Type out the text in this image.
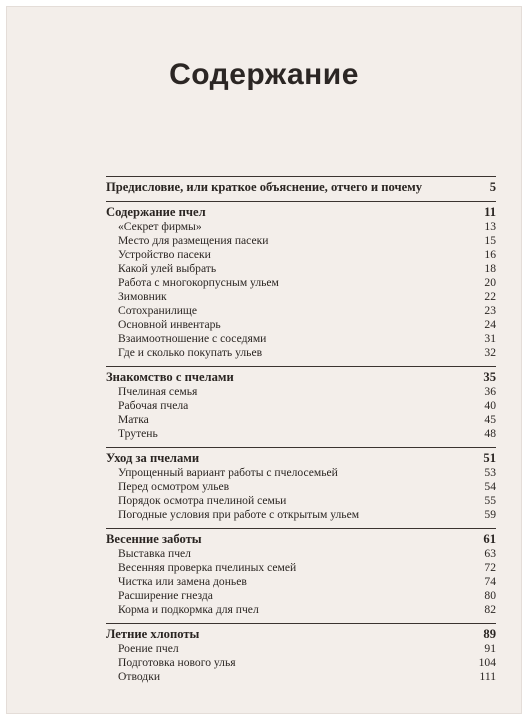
Содержание
Предисловие, или краткое объяснение, отчего и почему	5
Содержание пчел	11
«Секрет фирмы»	13
Место для размещения пасеки	15
Устройство пасеки	16
Какой улей выбрать	18
Работа с многокорпусным ульем	20
Зимовник	22
Сотохранилище	23
Основной инвентарь	24
Взаимоотношение с соседями	31
Где и сколько покупать ульев	32
Знакомство с пчелами	35
Пчелиная семья	36
Рабочая пчела	40
Матка	45
Трутень	48
Уход за пчелами	51
Упрощенный вариант работы с пчелосемьей	53
Перед осмотром ульев	54
Порядок осмотра пчелиной семьи	55
Погодные условия при работе с открытым ульем	59
Весенние заботы	61
Выставка пчел	63
Весенняя проверка пчелиных семей	72
Чистка или замена доньев	74
Расширение гнезда	80
Корма и подкормка для пчел	82
Летние хлопоты	89
Роение пчел	91
Подготовка нового улья	104
Отводки	111
